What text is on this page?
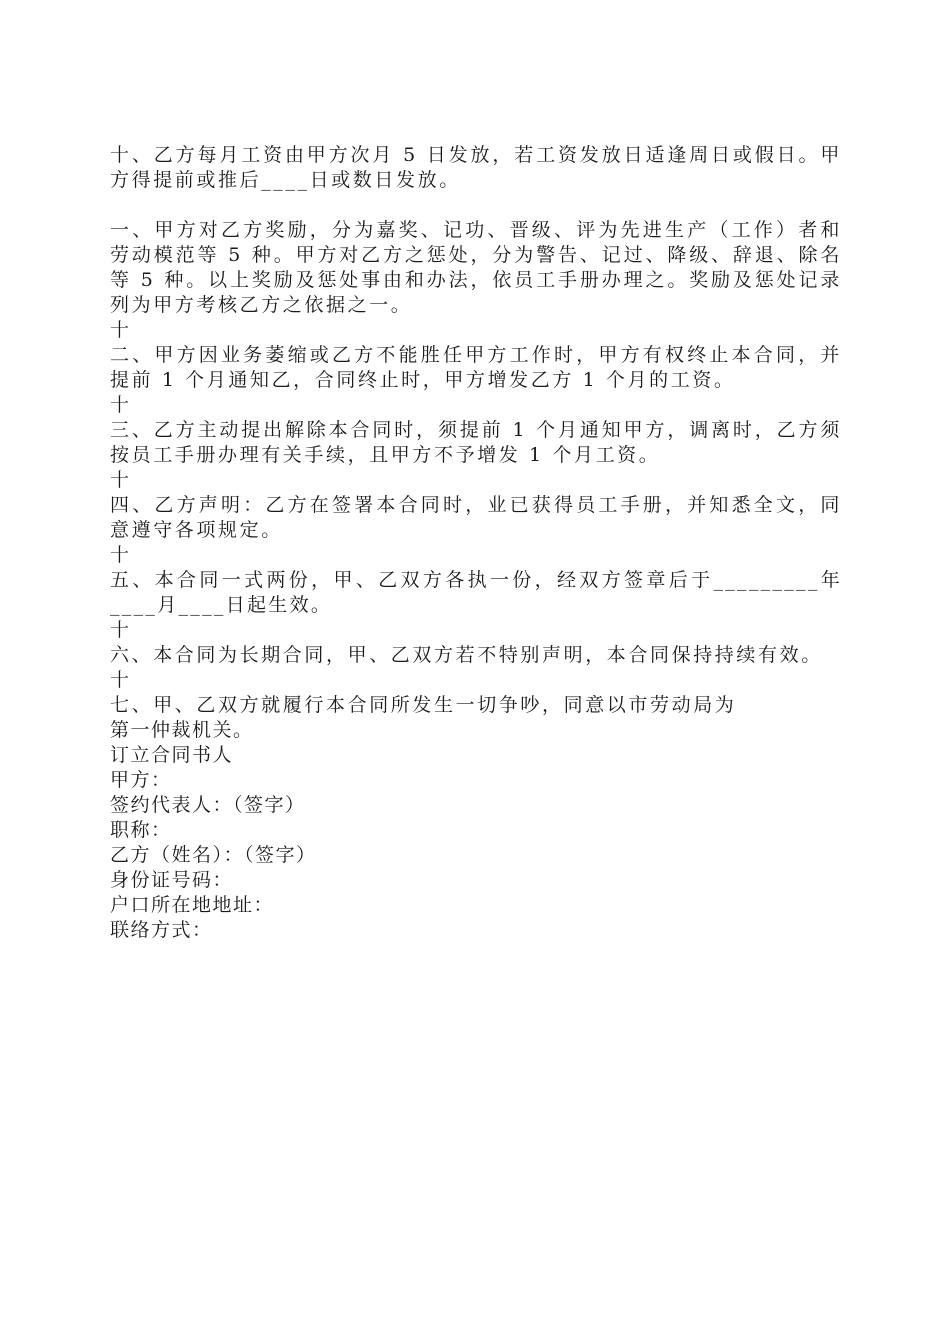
十、乙方每月工资由甲方次月 5 日发放，若工资发放日适逢周日或假日。甲方得提前或推后____日或数日发放。

一、甲方对乙方奖励，分为嘉奖、记功、晋级、评为先进生产（工作）者和劳动模范等 5 种。甲方对乙方之惩处，分为警告、记过、降级、辞退、除名等 5 种。以上奖励及惩处事由和办法，依员工手册办理之。奖励及惩处记录列为甲方考核乙方之依据之一。

十

二、甲方因业务萎缩或乙方不能胜任甲方工作时，甲方有权终止本合同，并提前 1 个月通知乙，合同终止时，甲方增发乙方 1 个月的工资。

十

三、乙方主动提出解除本合同时，须提前 1 个月通知甲方，调离时，乙方须按员工手册办理有关手续，且甲方不予增发 1 个月工资。

十

四、乙方声明：乙方在签署本合同时，业已获得员工手册，并知悉全文，同意遵守各项规定。

十

五、本合同一式两份，甲、乙双方各执一份，经双方签章后于_________年____月____日起生效。

十

六、本合同为长期合同，甲、乙双方若不特别声明，本合同保持持续有效。

十

七、甲、乙双方就履行本合同所发生一切争吵，同意以市劳动局为

第一仲裁机关。

订立合同书人

甲方：

签约代表人：（签字）

职称：

乙方（姓名）：（签字）

身份证号码：

户口所在地地址：

联络方式：
